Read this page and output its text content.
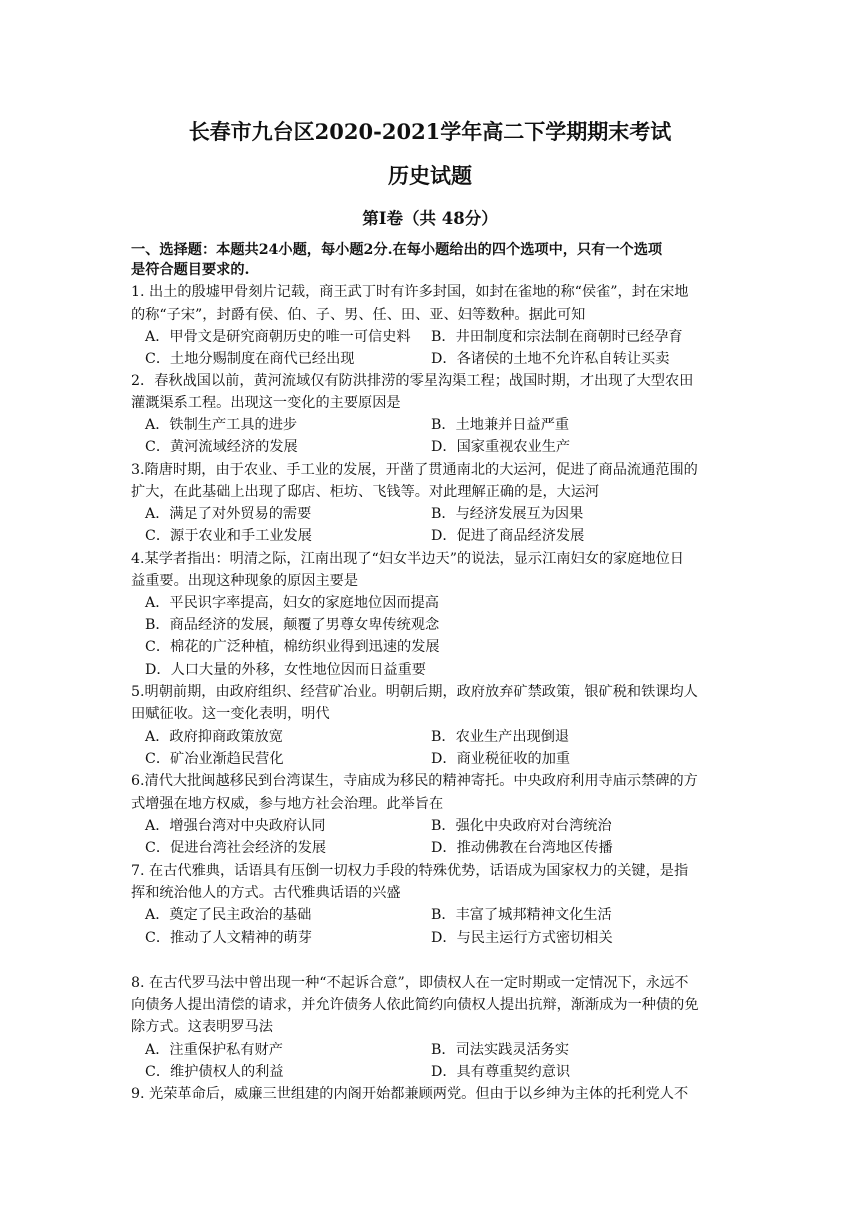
长春市九台区2020-2021学年高二下学期期末考试
历史试题
第Ⅰ卷（共 48分）
一、选择题：本题共24小题，每小题2分.在每小题给出的四个选项中，只有一个选项
是符合题目要求的.
1. 出土的殷墟甲骨刻片记载，商王武丁时有许多封国，如封在雀地的称“侯雀”，封在宋地
的称“子宋”，封爵有侯、伯、子、男、任、田、亚、妇等数种。据此可知
A．甲骨文是研究商朝历史的唯一可信史料 B．井田制度和宗法制在商朝时已经孕育
C．土地分赐制度在商代已经出现	D．各诸侯的土地不允许私自转让买卖
2．春秋战国以前，黄河流域仅有防洪排涝的零星沟渠工程；战国时期，才出现了大型农田
灌溉渠系工程。出现这一变化的主要原因是
A．铁制生产工具的进步	B．土地兼并日益严重
C．黄河流域经济的发展	D．国家重视农业生产
3.隋唐时期，由于农业、手工业的发展，开凿了贯通南北的大运河，促进了商品流通范围的
扩大，在此基础上出现了邸店、柜坊、飞钱等。对此理解正确的是，大运河
A．满足了对外贸易的需要	B．与经济发展互为因果
C．源于农业和手工业发展	D．促进了商品经济发展
4.某学者指出：明清之际，江南出现了“妇女半边天”的说法，显示江南妇女的家庭地位日
益重要。出现这种现象的原因主要是
A．平民识字率提高，妇女的家庭地位因而提高
B．商品经济的发展，颠覆了男尊女卑传统观念
C．棉花的广泛种植，棉纺织业得到迅速的发展
D．人口大量的外移，女性地位因而日益重要
5.明朝前期，由政府组织、经营矿冶业。明朝后期，政府放弃矿禁政策，银矿税和铁课均人
田赋征收。这一变化表明，明代
A．政府抑商政策放宽	B．农业生产出现倒退
C．矿冶业渐趋民营化	D．商业税征收的加重
6.清代大批闽越移民到台湾谋生，寺庙成为移民的精神寄托。中央政府利用寺庙示禁碑的方
式增强在地方权威，参与地方社会治理。此举旨在
A．增强台湾对中央政府认同	B．强化中央政府对台湾统治
C．促进台湾社会经济的发展	D．推动佛教在台湾地区传播
7. 在古代雅典，话语具有压倒一切权力手段的特殊优势，话语成为国家权力的关键，是指
挥和统治他人的方式。古代雅典话语的兴盛
A．奠定了民主政治的基础	B．丰富了城邦精神文化生活
C．推动了人文精神的萌芽	D．与民主运行方式密切相关
8. 在古代罗马法中曾出现一种“不起诉合意”，即债权人在一定时期或一定情况下，永远不
向债务人提出清偿的请求，并允许债务人依此简约向债权人提出抗辩，渐渐成为一种债的免
除方式。这表明罗马法
A．注重保护私有财产	B．司法实践灵活务实
C．维护债权人的利益	D．具有尊重契约意识
9. 光荣革命后，威廉三世组建的内阁开始都兼顾两党。但由于以乡绅为主体的托利党人不
